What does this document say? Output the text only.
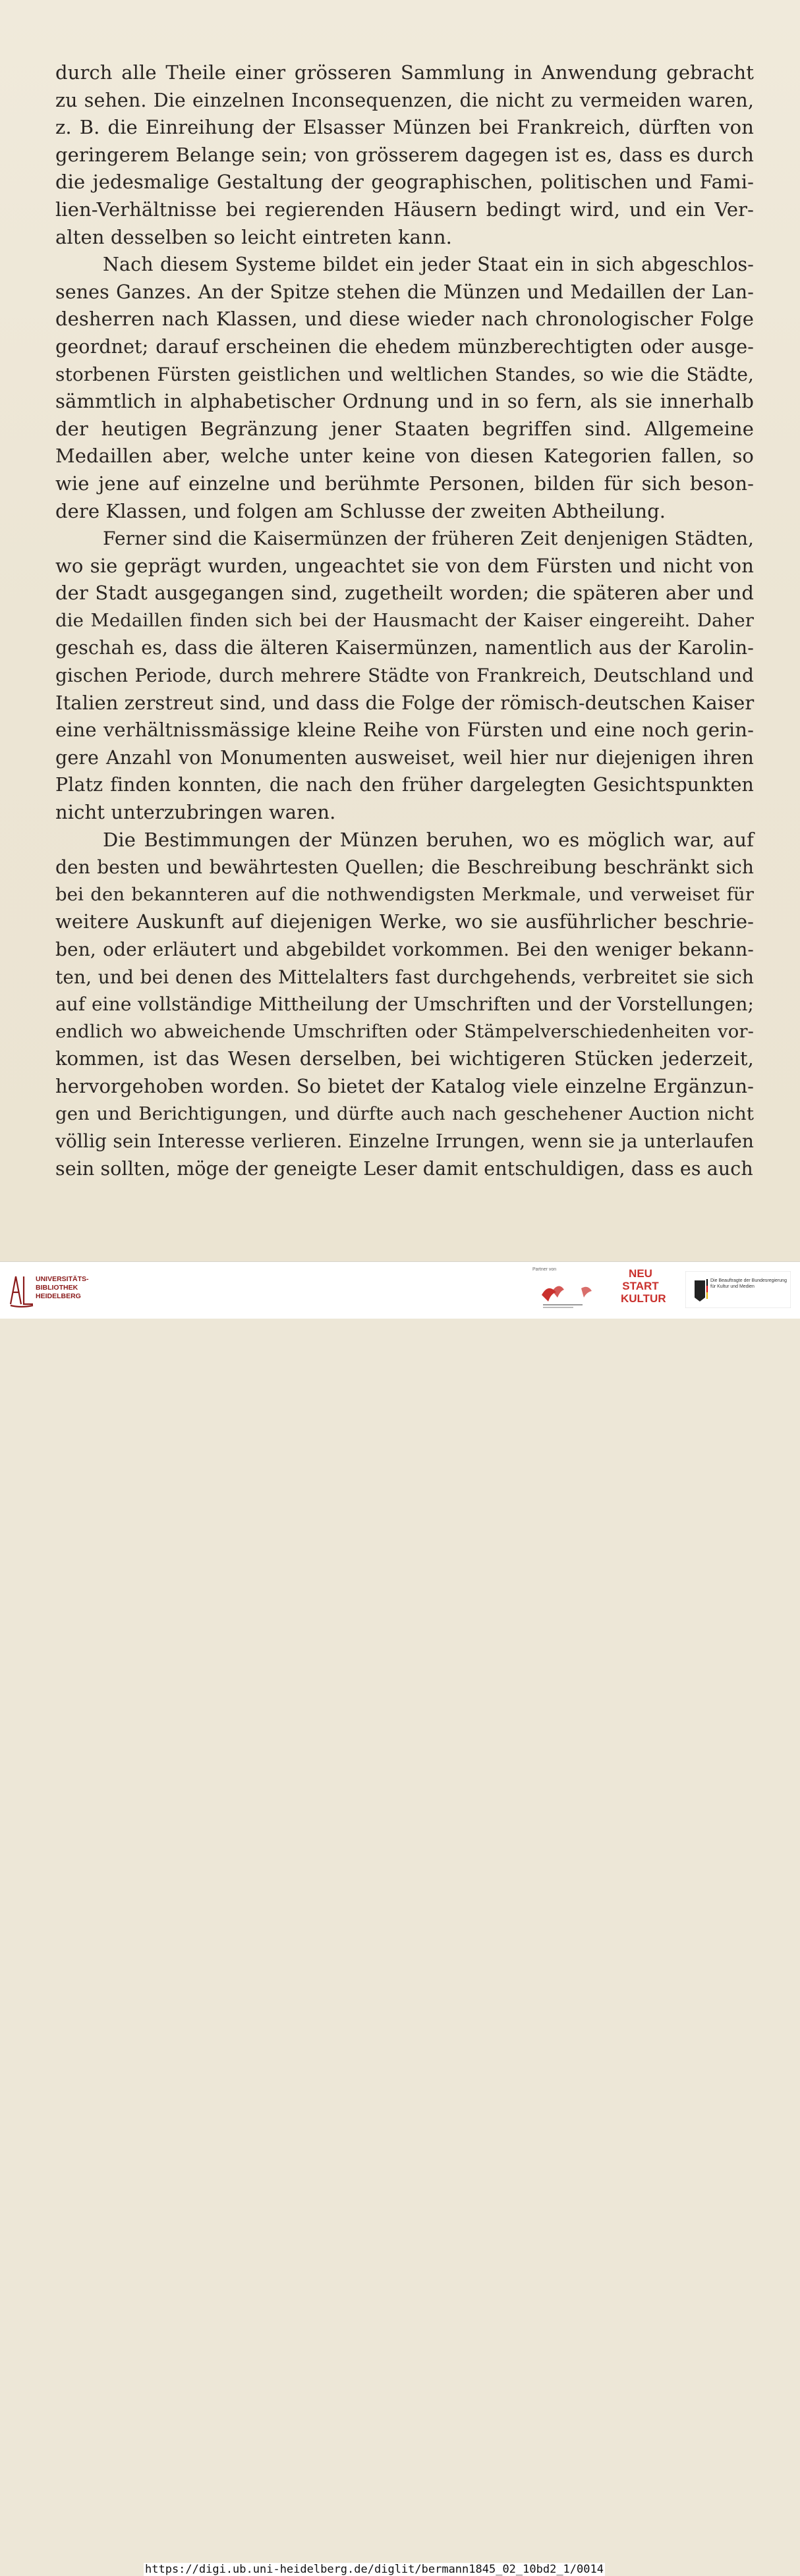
durch alle Theile einer grösseren Sammlung in Anwendung gebracht
zu sehen. Die einzelnen Inconsequenzen, die nicht zu vermeiden waren,
z. B. die Einreihung der Elsasser Münzen bei Frankreich, dürften von
geringerem Belange sein; von grösserem dagegen ist es, dass es durch
die jedesmalige Gestaltung der geographischen, politischen und Fami-
lien-Verhältnisse bei regierenden Häusern bedingt wird, und ein Ver-
alten desselben so leicht eintreten kann.
Nach diesem Systeme bildet ein jeder Staat ein in sich abgeschlos-
senes Ganzes. An der Spitze stehen die Münzen und Medaillen der Lan-
desherren nach Klassen, und diese wieder nach chronologischer Folge
geordnet; darauf erscheinen die ehedem münzberechtigten oder ausge-
storbenen Fürsten geistlichen und weltlichen Standes, so wie die Städte,
sämmtlich in alphabetischer Ordnung und in so fern, als sie innerhalb
der heutigen Begränzung jener Staaten begriffen sind. Allgemeine
Medaillen aber, welche unter keine von diesen Kategorien fallen, so
wie jene auf einzelne und berühmte Personen, bilden für sich beson-
dere Klassen, und folgen am Schlusse der zweiten Abtheilung.
Ferner sind die Kaisermünzen der früheren Zeit denjenigen Städten,
wo sie geprägt wurden, ungeachtet sie von dem Fürsten und nicht von
der Stadt ausgegangen sind, zugetheilt worden; die späteren aber und
die Medaillen finden sich bei der Hausmacht der Kaiser eingereiht. Daher
geschah es, dass die älteren Kaisermünzen, namentlich aus der Karolin-
gischen Periode, durch mehrere Städte von Frankreich, Deutschland und
Italien zerstreut sind, und dass die Folge der römisch-deutschen Kaiser
eine verhältnissmässige kleine Reihe von Fürsten und eine noch gerin-
gere Anzahl von Monumenten ausweiset, weil hier nur diejenigen ihren
Platz finden konnten, die nach den früher dargelegten Gesichtspunkten
nicht unterzubringen waren.
Die Bestimmungen der Münzen beruhen, wo es möglich war, auf
den besten und bewährtesten Quellen; die Beschreibung beschränkt sich
bei den bekannteren auf die nothwendigsten Merkmale, und verweiset für
weitere Auskunft auf diejenigen Werke, wo sie ausführlicher beschrie-
ben, oder erläutert und abgebildet vorkommen. Bei den weniger bekann-
ten, und bei denen des Mittelalters fast durchgehends, verbreitet sie sich
auf eine vollständige Mittheilung der Umschriften und der Vorstellungen;
endlich wo abweichende Umschriften oder Stämpelverschiedenheiten vor-
kommen, ist das Wesen derselben, bei wichtigeren Stücken jederzeit,
hervorgehoben worden. So bietet der Katalog viele einzelne Ergänzun-
gen und Berichtigungen, und dürfte auch nach geschehener Auction nicht
völlig sein Interesse verlieren. Einzelne Irrungen, wenn sie ja unterlaufen
sein sollten, möge der geneigte Leser damit entschuldigen, dass es auch
UNIVERSITÄTS-
BIBLIOTHEK
HEIDELBERG
Partner von	NEU
START
KULTUR
Die Beauftragte der Bundesregierung
für Kultur und Medien
https://digi.ub.uni-heidelberg.de/diglit/bermann1845_02_10bd2_1/0014
